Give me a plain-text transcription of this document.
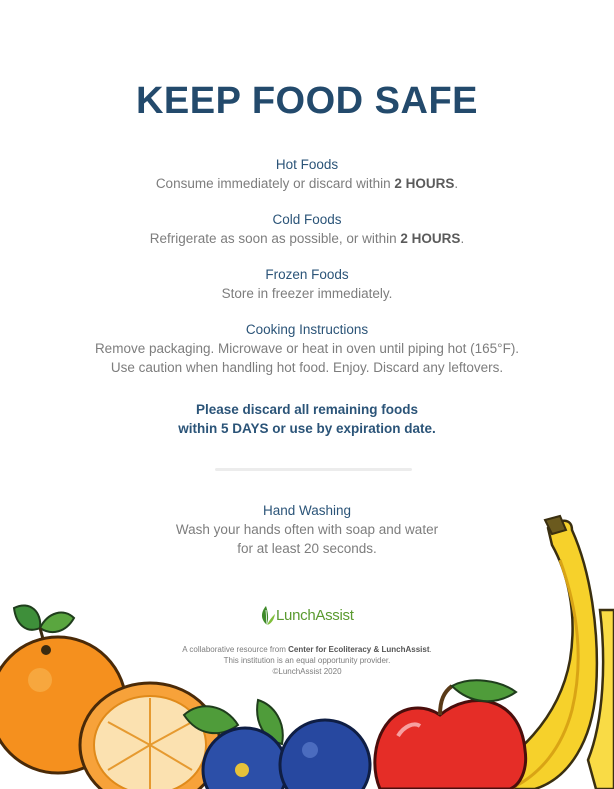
KEEP FOOD SAFE
Hot Foods
Consume immediately or discard within 2 HOURS.
Cold Foods
Refrigerate as soon as possible, or within 2 HOURS.
Frozen Foods
Store in freezer immediately.
Cooking Instructions
Remove packaging. Microwave or heat in oven until piping hot (165°F). Use caution when handling hot food. Enjoy. Discard any leftovers.
Please discard all remaining foods
within 5 DAYS or use by expiration date.
Hand Washing
Wash your hands often with soap and water
for at least 20 seconds.
LunchAssist
A collaborative resource from Center for Ecoliteracy & LunchAssist.
This institution is an equal opportunity provider.
©LunchAssist 2020
